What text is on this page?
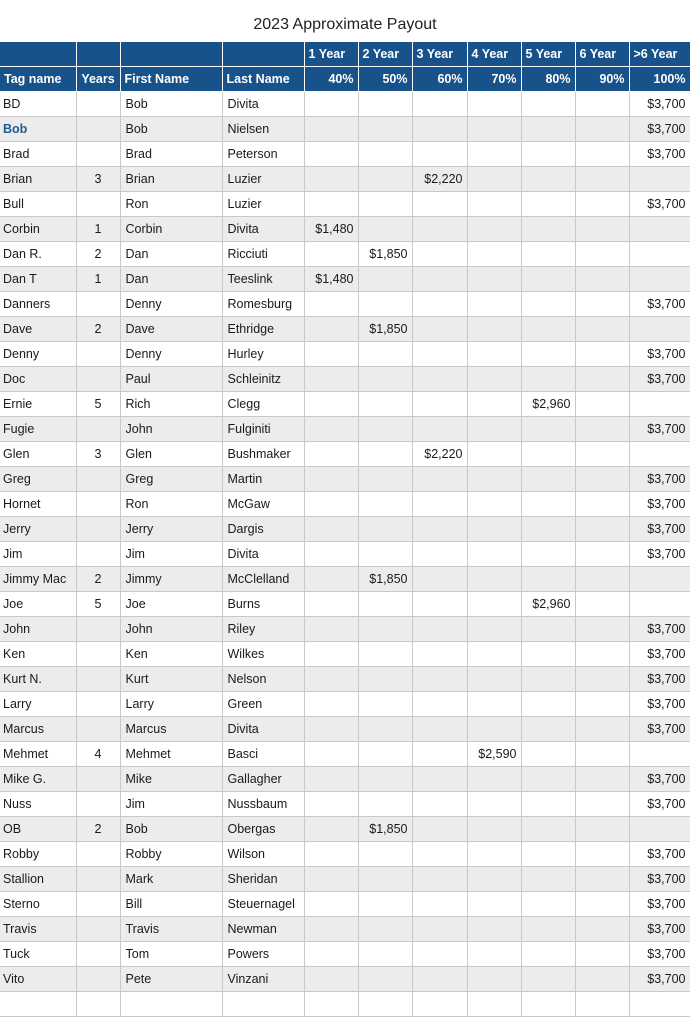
2023 Approximate Payout
				1 Year	2 Year	3 Year	4 Year	5 Year	6 Year	>6 Year
Tag name	Years	First Name	Last Name	40%	50%	60%	70%	80%	90%	100%
BD		Bob	Divita							$3,700
Bob		Bob	Nielsen							$3,700
Brad		Brad	Peterson							$3,700
Brian	3	Brian	Luzier			$2,220				
Bull		Ron	Luzier							$3,700
Corbin	1	Corbin	Divita	$1,480						
Dan R.	2	Dan	Ricciuti		$1,850					
Dan T	1	Dan	Teeslink	$1,480						
Danners		Denny	Romesburg							$3,700
Dave	2	Dave	Ethridge		$1,850					
Denny		Denny	Hurley							$3,700
Doc		Paul	Schleinitz							$3,700
Ernie	5	Rich	Clegg					$2,960		
Fugie		John	Fulginiti							$3,700
Glen	3	Glen	Bushmaker			$2,220				
Greg		Greg	Martin							$3,700
Hornet		Ron	McGaw							$3,700
Jerry		Jerry	Dargis							$3,700
Jim		Jim	Divita							$3,700
Jimmy Mac	2	Jimmy	McClelland		$1,850					
Joe	5	Joe	Burns					$2,960		
John		John	Riley							$3,700
Ken		Ken	Wilkes							$3,700
Kurt N.		Kurt	Nelson							$3,700
Larry		Larry	Green							$3,700
Marcus		Marcus	Divita							$3,700
Mehmet	4	Mehmet	Basci				$2,590			
Mike G.		Mike	Gallagher							$3,700
Nuss		Jim	Nussbaum							$3,700
OB	2	Bob	Obergas		$1,850					
Robby		Robby	Wilson							$3,700
Stallion		Mark	Sheridan							$3,700
Sterno		Bill	Steuernagel							$3,700
Travis		Travis	Newman							$3,700
Tuck		Tom	Powers							$3,700
Vito		Pete	Vinzani							$3,700
